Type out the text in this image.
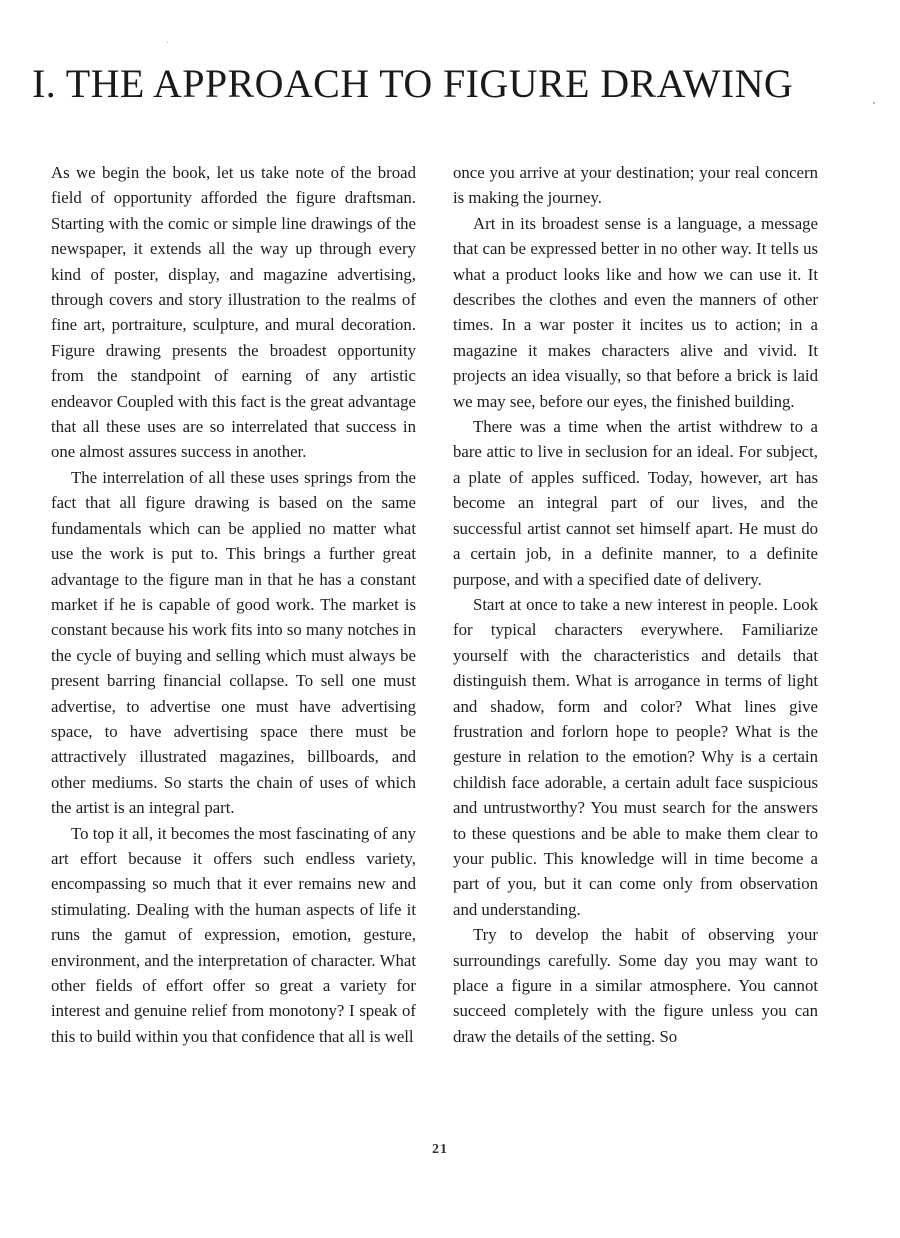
I. THE APPROACH TO FIGURE DRAWING

As we begin the book, let us take note of the broad field of opportunity afforded the figure draftsman. Starting with the comic or simple line drawings of the newspaper, it extends all the way up through every kind of poster, display, and magazine advertising, through covers and story illustration to the realms of fine art, portraiture, sculpture, and mural decoration. Figure drawing presents the broadest opportunity from the standpoint of earning of any artistic endeavor Coupled with this fact is the great advantage that all these uses are so interrelated that success in one almost assures success in another.

The interrelation of all these uses springs from the fact that all figure drawing is based on the same fundamentals which can be applied no matter what use the work is put to. This brings a further great advantage to the figure man in that he has a constant market if he is capable of good work. The market is constant because his work fits into so many notches in the cycle of buying and selling which must always be present barring financial collapse. To sell one must advertise, to advertise one must have advertising space, to have advertising space there must be attractively illustrated magazines, billboards, and other mediums. So starts the chain of uses of which the artist is an integral part.

To top it all, it becomes the most fascinating of any art effort because it offers such endless variety, encompassing so much that it ever remains new and stimulating. Dealing with the human aspects of life it runs the gamut of expression, emotion, gesture, environment, and the interpretation of character. What other fields of effort offer so great a variety for interest and genuine relief from monotony? I speak of this to build within you that confidence that all is well

once you arrive at your destination; your real concern is making the journey.

Art in its broadest sense is a language, a message that can be expressed better in no other way. It tells us what a product looks like and how we can use it. It describes the clothes and even the manners of other times. In a war poster it incites us to action; in a magazine it makes characters alive and vivid. It projects an idea visually, so that before a brick is laid we may see, before our eyes, the finished building.

There was a time when the artist withdrew to a bare attic to live in seclusion for an ideal. For subject, a plate of apples sufficed. Today, however, art has become an integral part of our lives, and the successful artist cannot set himself apart. He must do a certain job, in a definite manner, to a definite purpose, and with a specified date of delivery.

Start at once to take a new interest in people. Look for typical characters everywhere. Familiarize yourself with the characteristics and details that distinguish them. What is arrogance in terms of light and shadow, form and color? What lines give frustration and forlorn hope to people? What is the gesture in relation to the emotion? Why is a certain childish face adorable, a certain adult face suspicious and untrustworthy? You must search for the answers to these questions and be able to make them clear to your public. This knowledge will in time become a part of you, but it can come only from observation and understanding.

Try to develop the habit of observing your surroundings carefully. Some day you may want to place a figure in a similar atmosphere. You cannot succeed completely with the figure unless you can draw the details of the setting. So

21
